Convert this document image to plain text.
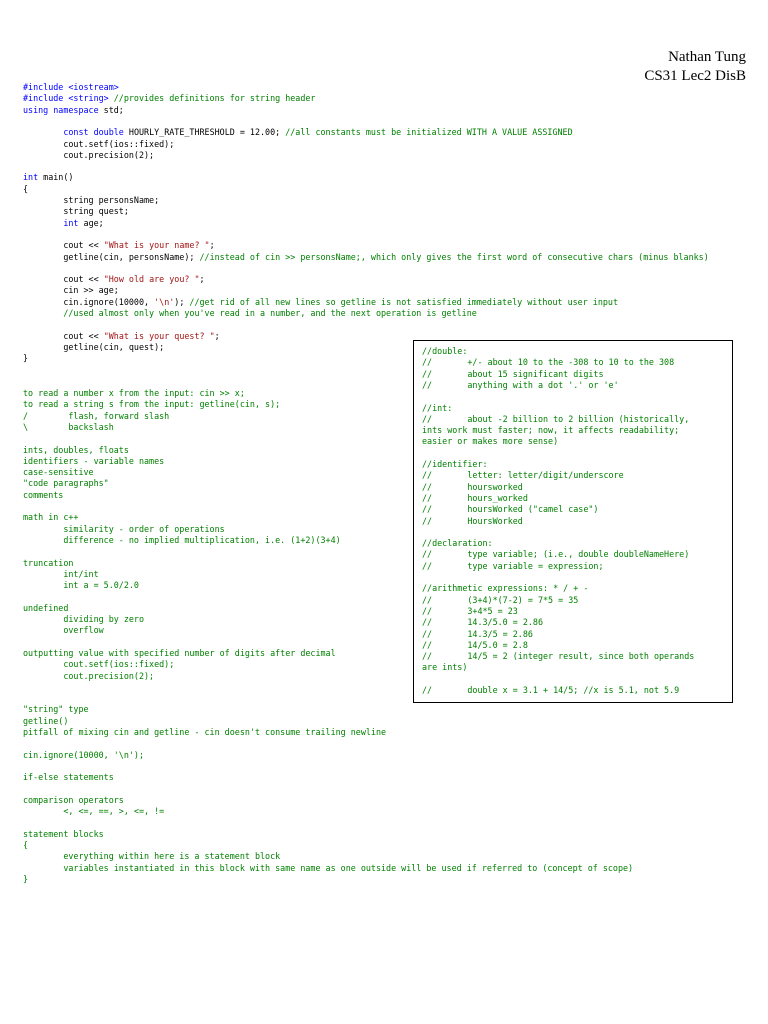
Nathan Tung
CS31 Lec2 DisB
#include <iostream>
#include <string> //provides definitions for string header
using namespace std;
const double HOURLY_RATE_THRESHOLD = 12.00; //all constants must be initialized WITH A VALUE ASSIGNED
cout.setf(ios::fixed);
cout.precision(2);
int main()
{
string personsName;
string quest;
int age;
cout << "What is your name? ";
getline(cin, personsName); //instead of cin >> personsName;, which only gives the first word of consecutive chars (minus blanks)
cout << "How old are you? ";
cin >> age;
cin.ignore(10000, '\n'); //get rid of all new lines so getline is not satisfied immediately without user input
//used almost only when you've read in a number, and the next operation is getline
cout << "What is your quest? ";
getline(cin, quest);
}
to read a number x from the input: cin >> x;
to read a string s from the input: getline(cin, s);
/        flash, forward slash
\        backslash
ints, doubles, floats
identifiers - variable names
case-sensitive
"code paragraphs"
comments
math in c++
similarity - order of operations
difference - no implied multiplication, i.e. (1+2)(3+4)
truncation
int/int
int a = 5.0/2.0
undefined
dividing by zero
overflow
outputting value with specified number of digits after decimal
cout.setf(ios::fixed);
cout.precision(2);
"string" type
getline()
pitfall of mixing cin and getline - cin doesn't consume trailing newline
cin.ignore(10000, '\n');
if-else statements
comparison operators
<, <=, ==, >, <=, !=
statement blocks
{
everything within here is a statement block
variables instantiated in this block with same name as one outside will be used if referred to (concept of scope)
}
//double:
//       +/- about 10 to the -308 to 10 to the 308
//       about 15 significant digits
//       anything with a dot '.' or 'e'
//int:
//       about -2 billion to 2 billion (historically,
ints work must faster; now, it affects readability;
easier or makes more sense)
//identifier:
//       letter: letter/digit/underscore
//       hoursworked
//       hours_worked
//       hoursWorked ("camel case")
//       HoursWorked
//declaration:
//       type variable; (i.e., double doubleNameHere)
//       type variable = expression;
//arithmetic expressions: * / + -
//       (3+4)*(7-2) = 7*5 = 35
//       3+4*5 = 23
//       14.3/5.0 = 2.86
//       14.3/5 = 2.86
//       14/5.0 = 2.8
//       14/5 = 2 (integer result, since both operands
are ints)
//       double x = 3.1 + 14/5; //x is 5.1, not 5.9
